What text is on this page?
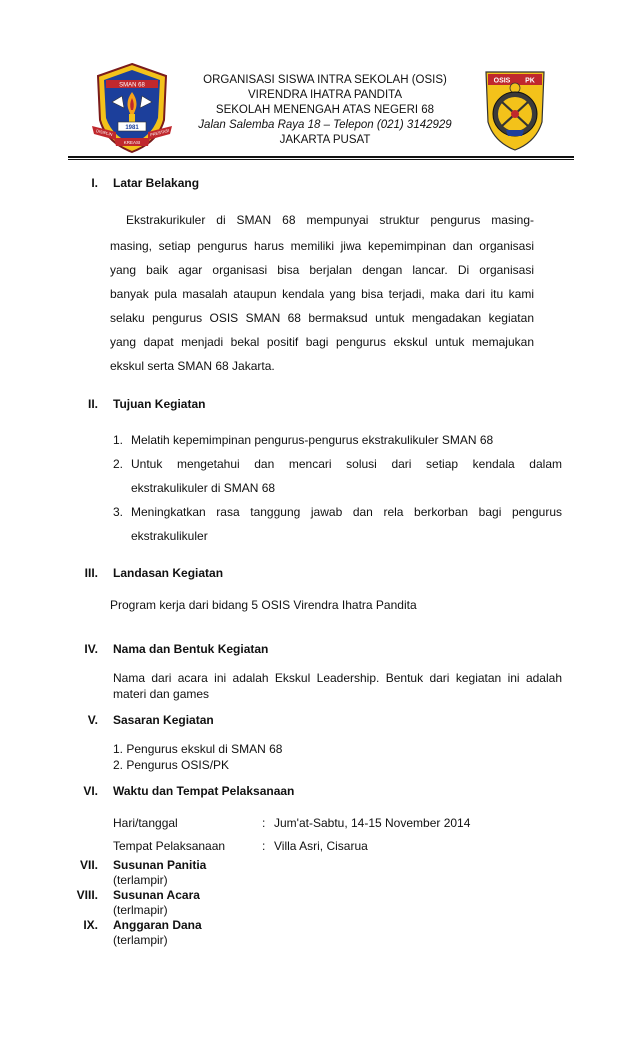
SMAN 68
1981
DISIPLIN	PRESTASI
KREASI
ORGANISASI SISWA INTRA SEKOLAH (OSIS)
VIRENDRA IHATRA PANDITA
SEKOLAH MENENGAH ATAS NEGERI 68
Jalan Salemba Raya 18 – Telepon (021) 3142929
JAKARTA PUSAT
OSIS PK
I. Latar Belakang
Ekstrakurikuler di SMAN 68 mempunyai struktur pengurus masing-
masing, setiap pengurus harus memiliki jiwa kepemimpinan dan organisasi
yang baik agar organisasi bisa berjalan dengan lancar. Di organisasi
banyak pula masalah ataupun kendala yang bisa terjadi, maka dari itu kami
selaku pengurus OSIS SMAN 68 bermaksud untuk mengadakan kegiatan
yang dapat menjadi bekal positif bagi pengurus ekskul untuk memajukan
ekskul serta SMAN 68 Jakarta.
II. Tujuan Kegiatan
1. Melatih kepemimpinan pengurus-pengurus ekstrakulikuler SMAN 68
2. Untuk mengetahui dan mencari solusi dari setiap kendala dalam
ekstrakulikuler di SMAN 68
3. Meningkatkan rasa tanggung jawab dan rela berkorban bagi pengurus
ekstrakulikuler
III. Landasan Kegiatan
Program kerja dari bidang 5 OSIS Virendra Ihatra Pandita
IV. Nama dan Bentuk Kegiatan
Nama dari acara ini adalah Ekskul Leadership. Bentuk dari kegiatan ini adalah
materi dan games
V. Sasaran Kegiatan
1. Pengurus ekskul di SMAN 68
2. Pengurus OSIS/PK
VI. Waktu dan Tempat Pelaksanaan
Hari/tanggal	: Jum'at-Sabtu, 14-15 November 2014
Tempat Pelaksanaan	: Villa Asri, Cisarua
VII. Susunan Panitia
(terlampir)
VIII. Susunan Acara
(terlmapir)
IX. Anggaran Dana
(terlampir)
